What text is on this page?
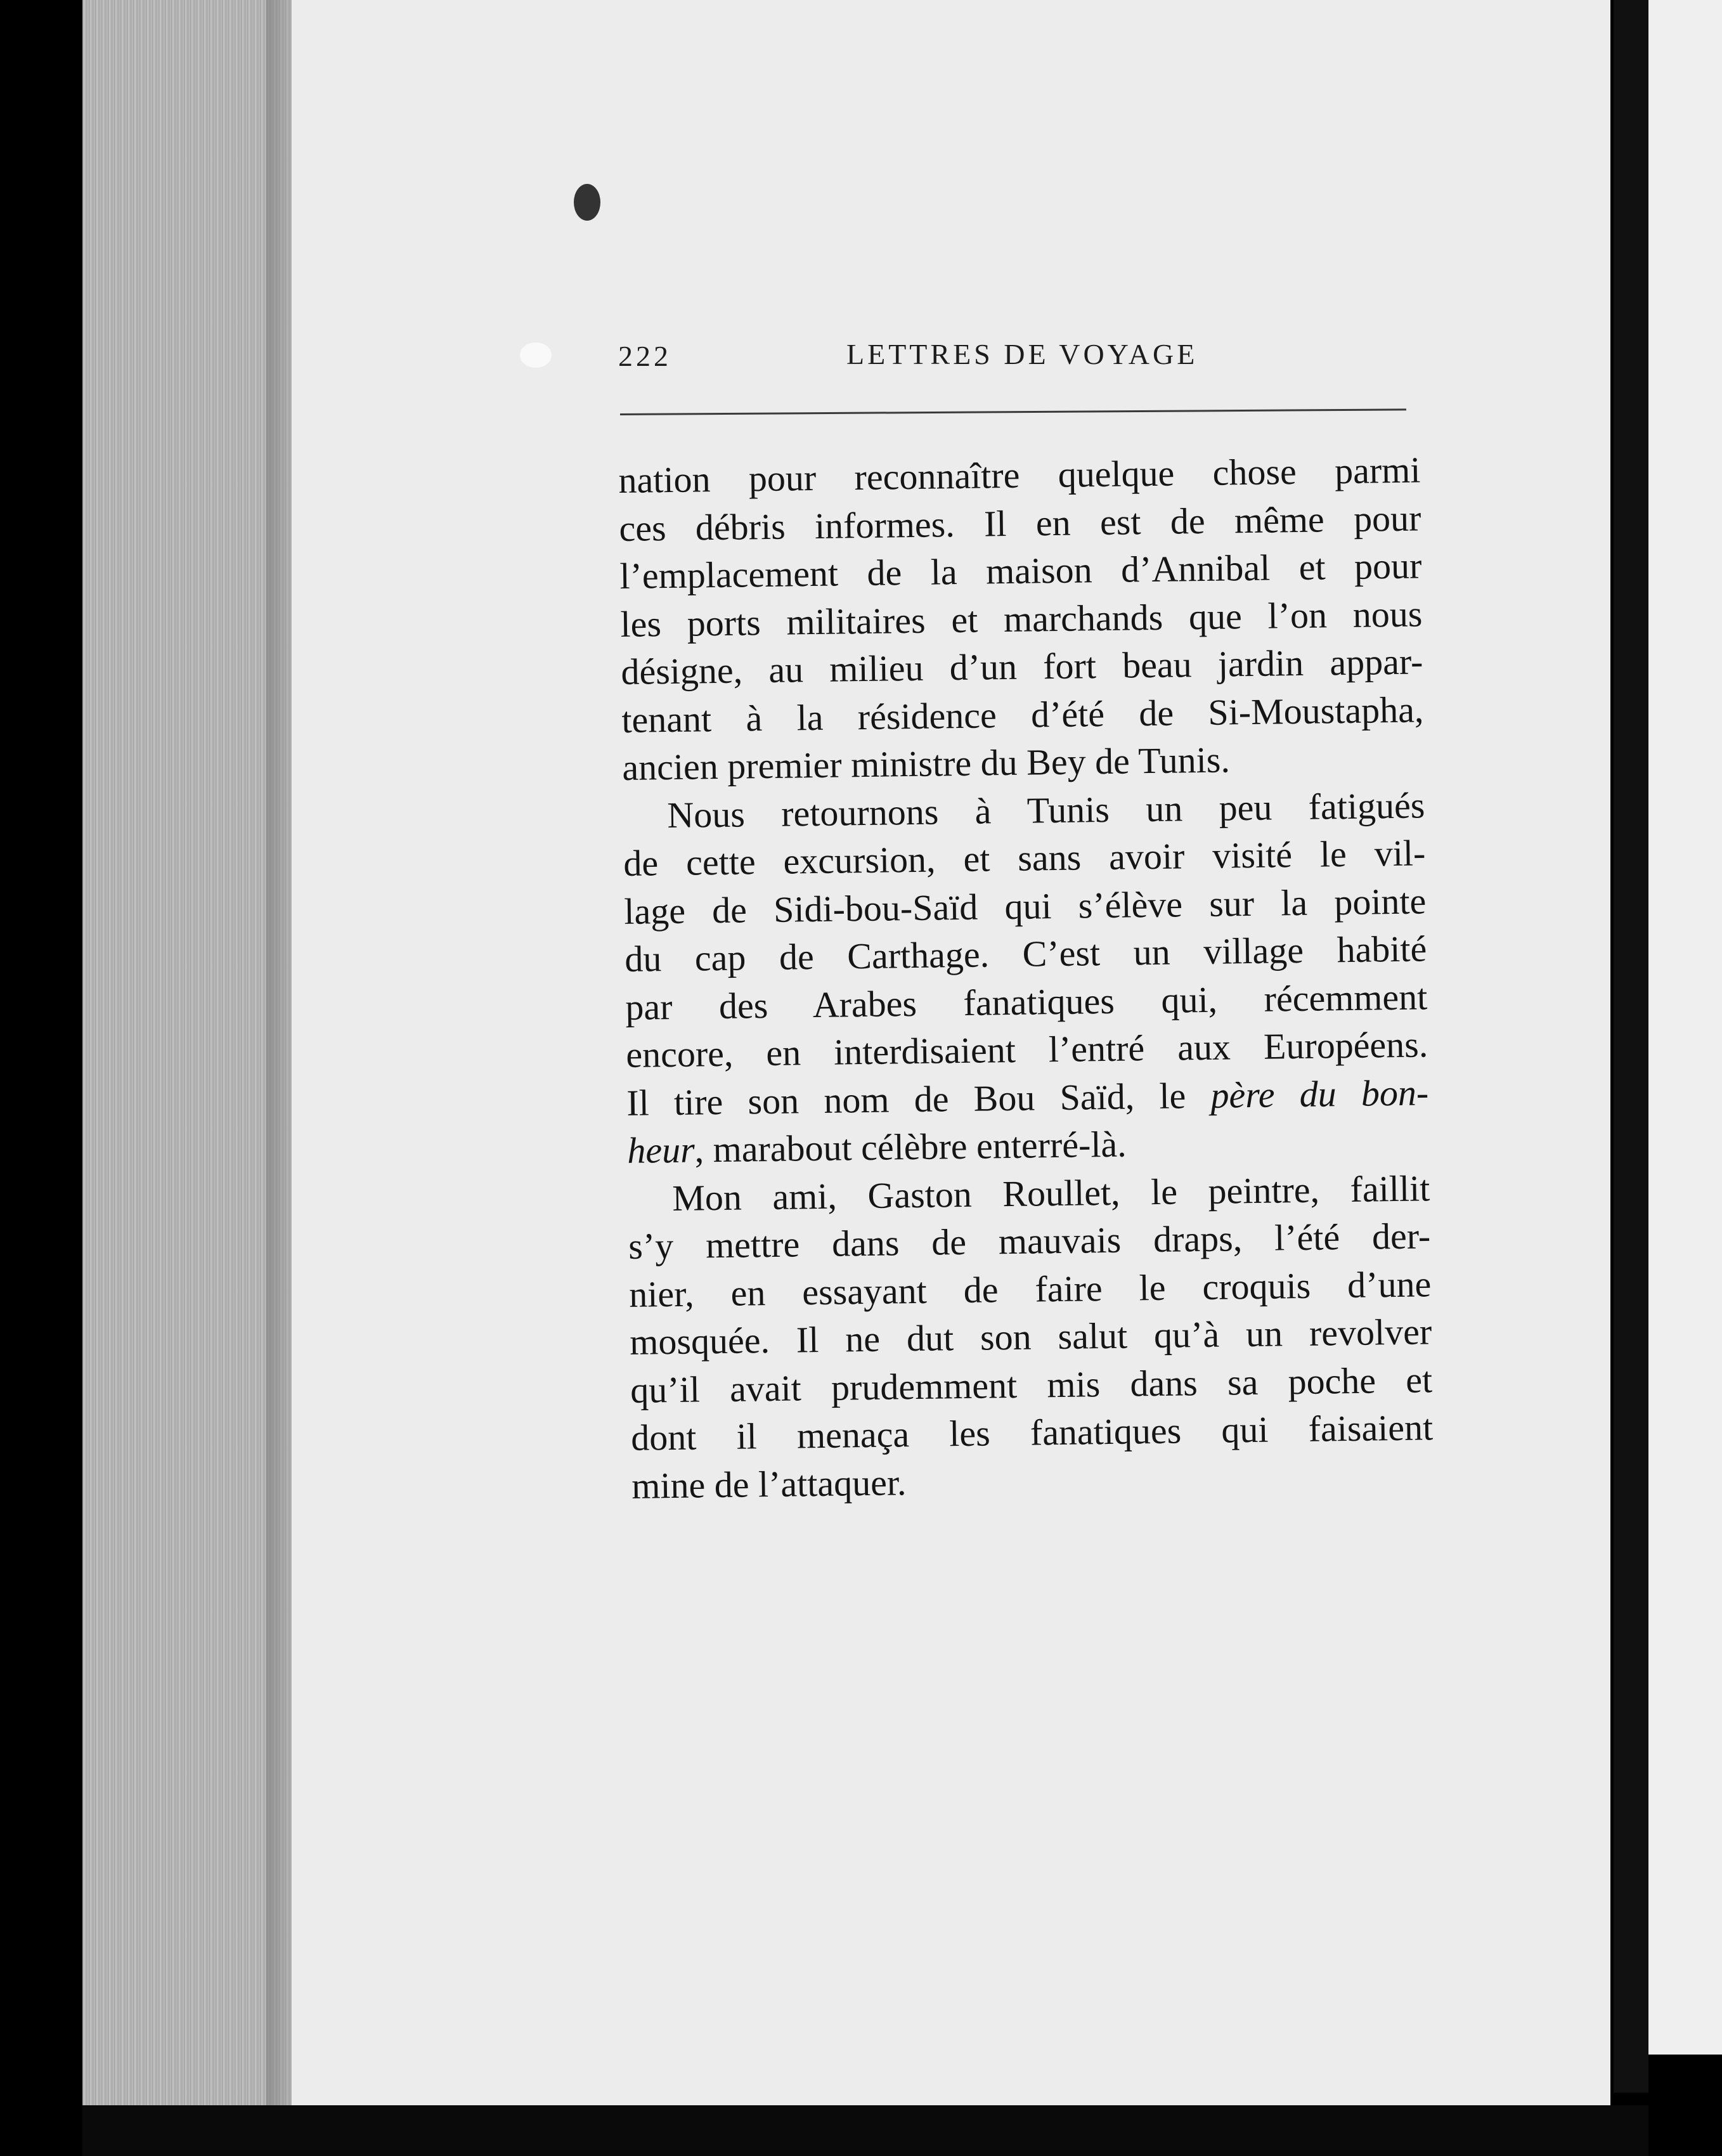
222	LETTRES DE VOYAGE
nation pour reconnaître quelque chose parmi
ces débris informes. Il en est de même pour
l’emplacement de la maison d’Annibal et pour
les ports militaires et marchands que l’on nous
désigne, au milieu d’un fort beau jardin appar-
tenant à la résidence d’été de Si-Moustapha,
ancien premier ministre du Bey de Tunis.
Nous retournons à Tunis un peu fatigués
de cette excursion, et sans avoir visité le vil-
lage de Sidi-bou-Saïd qui s’élève sur la pointe
du cap de Carthage. C’est un village habité
par des Arabes fanatiques qui, récemment
encore, en interdisaient l’entré aux Européens.
Il tire son nom de Bou Saïd, le père du bon-
heur, marabout célèbre enterré-là.
Mon ami, Gaston Roullet, le peintre, faillit
s’y mettre dans de mauvais draps, l’été der-
nier, en essayant de faire le croquis d’une
mosquée. Il ne dut son salut qu’à un revolver
qu’il avait prudemment mis dans sa poche et
dont il menaça les fanatiques qui faisaient
mine de l’attaquer.
